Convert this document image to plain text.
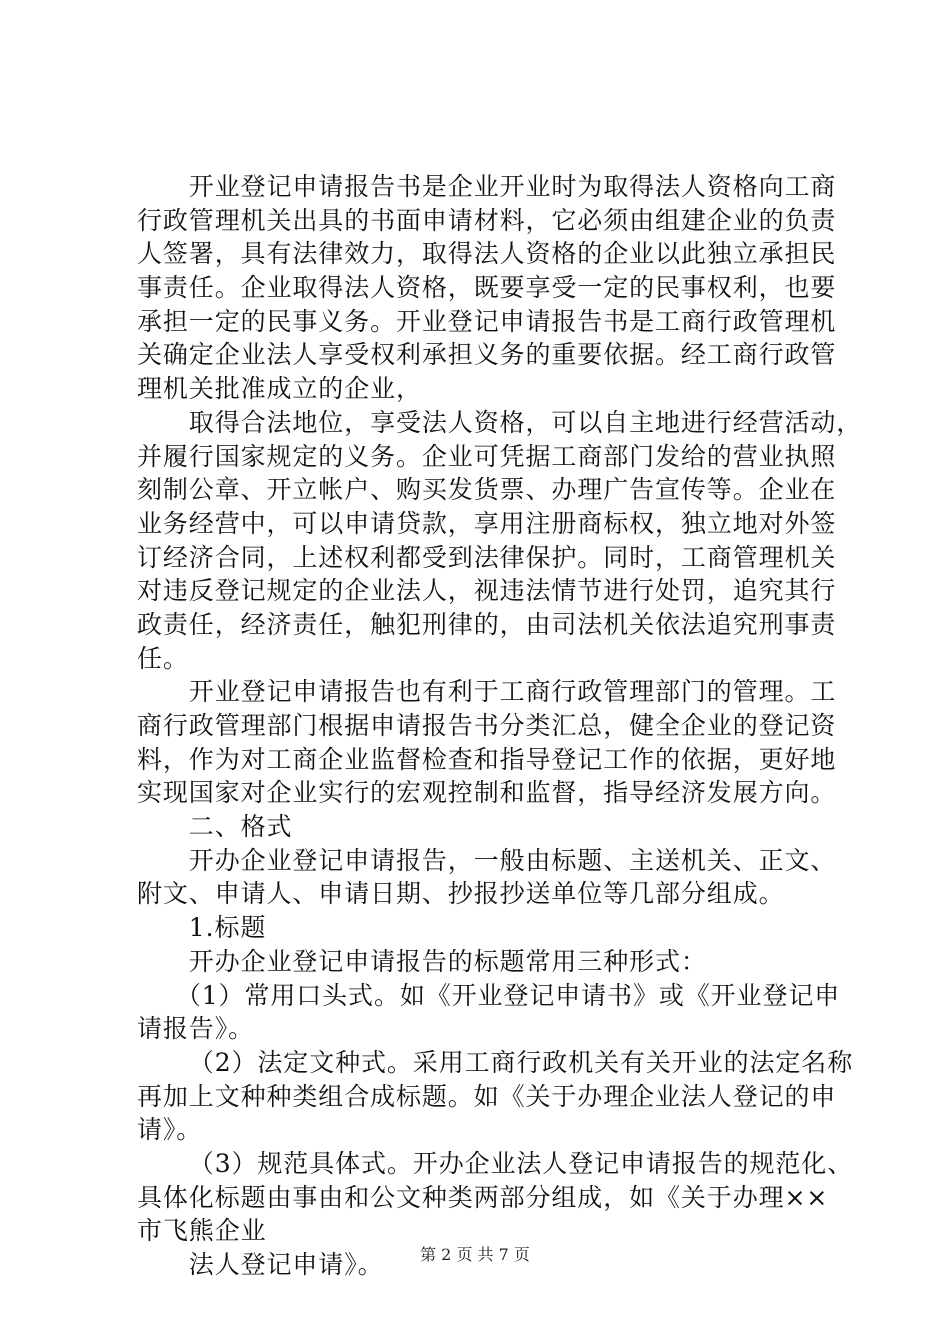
开业登记申请报告书是企业开业时为取得法人资格向工商
行政管理机关出具的书面申请材料，它必须由组建企业的负责
人签署，具有法律效力，取得法人资格的企业以此独立承担民
事责任。企业取得法人资格，既要享受一定的民事权利，也要
承担一定的民事义务。开业登记申请报告书是工商行政管理机
关确定企业法人享受权利承担义务的重要依据。经工商行政管
理机关批准成立的企业，
取得合法地位，享受法人资格，可以自主地进行经营活动，
并履行国家规定的义务。企业可凭据工商部门发给的营业执照
刻制公章、开立帐户、购买发货票、办理广告宣传等。企业在
业务经营中，可以申请贷款，享用注册商标权，独立地对外签
订经济合同，上述权利都受到法律保护。同时，工商管理机关
对违反登记规定的企业法人，视违法情节进行处罚，追究其行
政责任，经济责任，触犯刑律的，由司法机关依法追究刑事责
任。
开业登记申请报告也有利于工商行政管理部门的管理。工
商行政管理部门根据申请报告书分类汇总，健全企业的登记资
料，作为对工商企业监督检查和指导登记工作的依据，更好地
实现国家对企业实行的宏观控制和监督，指导经济发展方向。
二、格式
开办企业登记申请报告，一般由标题、主送机关、正文、
附文、申请人、申请日期、抄报抄送单位等几部分组成。
1.标题
开办企业登记申请报告的标题常用三种形式：
（1）常用口头式。如《开业登记申请书》或《开业登记申
请报告》。
（2）法定文种式。采用工商行政机关有关开业的法定名称
再加上文种种类组合成标题。如《关于办理企业法人登记的申
请》。
（3）规范具体式。开办企业法人登记申请报告的规范化、
具体化标题由事由和公文种类两部分组成，如《关于办理××
市飞熊企业
法人登记申请》。	第 2 页 共 7 页
